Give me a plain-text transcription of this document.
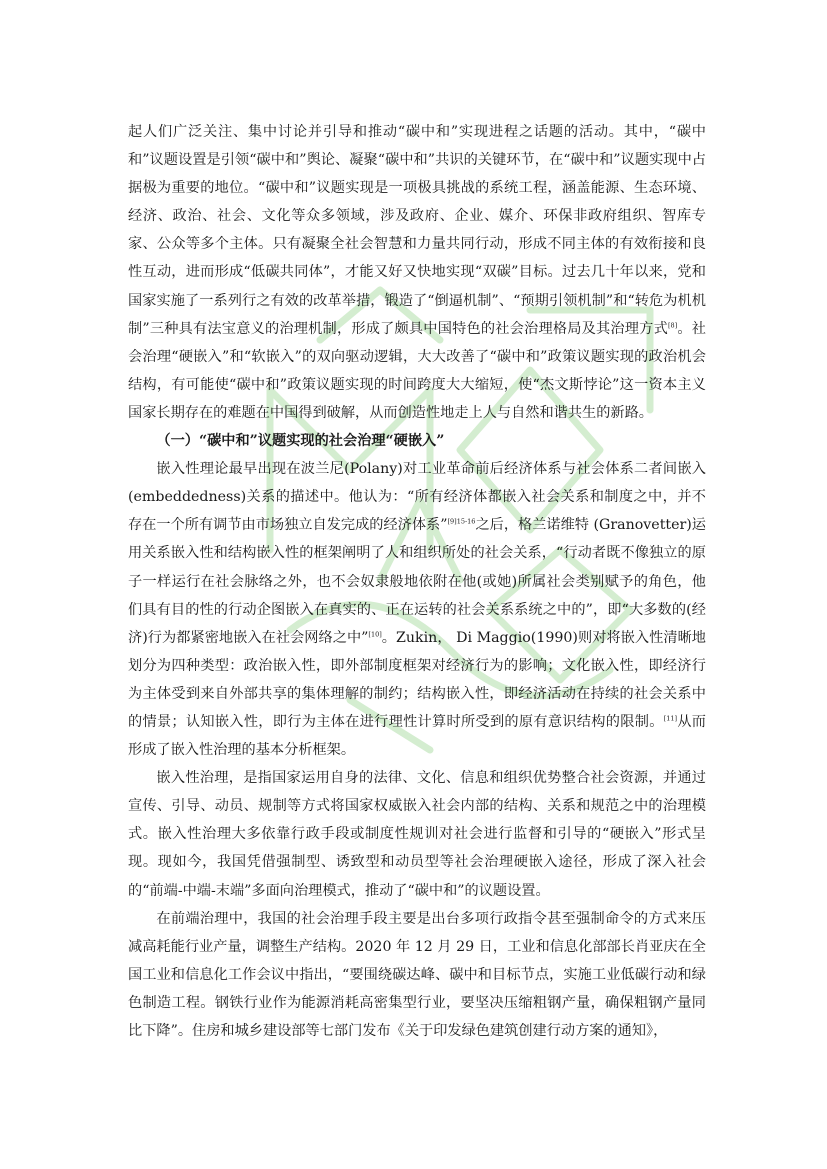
起人们广泛关注、集中讨论并引导和推动“碳中和”实现进程之话题的活动。其中，“碳中和”议题设置是引领“碳中和”舆论、凝聚“碳中和”共识的关键环节，在“碳中和”议题实现中占据极为重要的地位。“碳中和”议题实现是一项极具挑战的系统工程，涵盖能源、生态环境、经济、政治、社会、文化等众多领域，涉及政府、企业、媒介、环保非政府组织、智库专家、公众等多个主体。只有凝聚全社会智慧和力量共同行动，形成不同主体的有效衔接和良性互动，进而形成“低碳共同体”，才能又好又快地实现“双碳”目标。过去几十年以来，党和国家实施了一系列行之有效的改革举措，锻造了“倒逼机制”、“预期引领机制”和“转危为机机制”三种具有法宝意义的治理机制，形成了颇具中国特色的社会治理格局及其治理方式[8]。社会治理“硬嵌入”和“软嵌入”的双向驱动逻辑，大大改善了“碳中和”政策议题实现的政治机会结构，有可能使“碳中和”政策议题实现的时间跨度大大缩短，使“杰文斯悖论”这一资本主义国家长期存在的难题在中国得到破解，从而创造性地走上人与自然和谐共生的新路。

（一）“碳中和”议题实现的社会治理“硬嵌入”

嵌入性理论最早出现在波兰尼(Polany)对工业革命前后经济体系与社会体系二者间嵌入(embeddedness)关系的描述中。他认为：“所有经济体都嵌入社会关系和制度之中，并不存在一个所有调节由市场独立自发完成的经济体系”$^{[9]15-16}$之后，格兰诺维特 (Granovetter)运用关系嵌入性和结构嵌入性的框架阐明了人和组织所处的社会关系，“行动者既不像独立的原子一样运行在社会脉络之外，也不会奴隶般地依附在他(或她)所属社会类别赋予的角色，他们具有目的性的行动企图嵌入在真实的、正在运转的社会关系系统之中的”，即“大多数的(经济)行为都紧密地嵌入在社会网络之中”[10]。Zukin， Di Maggio(1990)则对将嵌入性清晰地划分为四种类型：政治嵌入性，即外部制度框架对经济行为的影响；文化嵌入性，即经济行为主体受到来自外部共享的集体理解的制约；结构嵌入性，即经济活动在持续的社会关系中的情景；认知嵌入性，即行为主体在进行理性计算时所受到的原有意识结构的限制。[11]从而形成了嵌入性治理的基本分析框架。

嵌入性治理，是指国家运用自身的法律、文化、信息和组织优势整合社会资源，并通过宣传、引导、动员、规制等方式将国家权威嵌入社会内部的结构、关系和规范之中的治理模式。嵌入性治理大多依靠行政手段或制度性规训对社会进行监督和引导的“硬嵌入”形式呈现。现如今，我国凭借强制型、诱致型和动员型等社会治理硬嵌入途径，形成了深入社会的“前端-中端-末端”多面向治理模式，推动了“碳中和”的议题设置。

在前端治理中，我国的社会治理手段主要是出台多项行政指令甚至强制命令的方式来压减高耗能行业产量，调整生产结构。2020 年 12 月 29 日，工业和信息化部部长肖亚庆在全国工业和信息化工作会议中指出，“要围绕碳达峰、碳中和目标节点，实施工业低碳行动和绿色制造工程。钢铁行业作为能源消耗高密集型行业，要坚决压缩粗钢产量，确保粗钢产量同比下降”。住房和城乡建设部等七部门发布《关于印发绿色建筑创建行动方案的通知》，
